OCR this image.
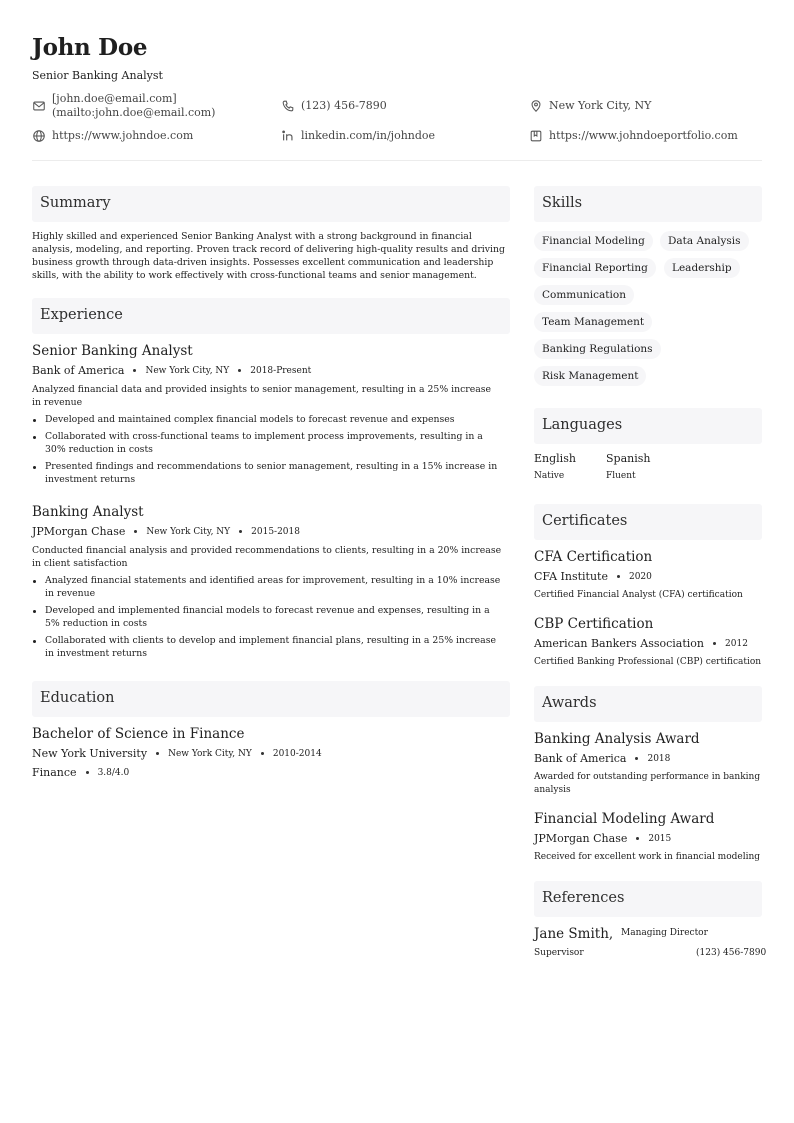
John Doe
Senior Banking Analyst
[john.doe@email.com]
(mailto:john.doe@email.com)
(123) 456-7890	New York City, NY
https://www.johndoe.com	linkedin.com/in/johndoe	https://www.johndoeportfolio.com
Summary
Highly skilled and experienced Senior Banking Analyst with a strong background in financial analysis, modeling, and reporting. Proven track record of delivering high-quality results and driving business growth through data-driven insights. Possesses excellent communication and leadership skills, with the ability to work effectively with cross-functional teams and senior management.
Experience
Senior Banking Analyst
Bank of America New York City, NY 2018-Present
Analyzed financial data and provided insights to senior management, resulting in a 25% increase in revenue
Developed and maintained complex financial models to forecast revenue and expenses
Collaborated with cross-functional teams to implement process improvements, resulting in a 30% reduction in costs
Presented findings and recommendations to senior management, resulting in a 15% increase in investment returns
Banking Analyst
JPMorgan Chase New York City, NY 2015-2018
Conducted financial analysis and provided recommendations to clients, resulting in a 20% increase in client satisfaction
Analyzed financial statements and identified areas for improvement, resulting in a 10% increase in revenue
Developed and implemented financial models to forecast revenue and expenses, resulting in a 5% reduction in costs
Collaborated with clients to develop and implement financial plans, resulting in a 25% increase in investment returns
Education
Bachelor of Science in Finance
New York University New York City, NY 2010-2014
Finance 3.8/4.0
Skills
Financial Modeling	Data Analysis
Financial Reporting	Leadership
Communication
Team Management
Banking Regulations
Risk Management
Languages
English
Native
Spanish
Fluent
Certificates
CFA Certification
CFA Institute 2020
Certified Financial Analyst (CFA) certification
CBP Certification
American Bankers Association 2012
Certified Banking Professional (CBP) certification
Awards
Banking Analysis Award
Bank of America 2018
Awarded for outstanding performance in banking analysis
Financial Modeling Award
JPMorgan Chase 2015
Received for excellent work in financial modeling
References
Jane Smith, Managing Director
Supervisor	(123) 456-7890
